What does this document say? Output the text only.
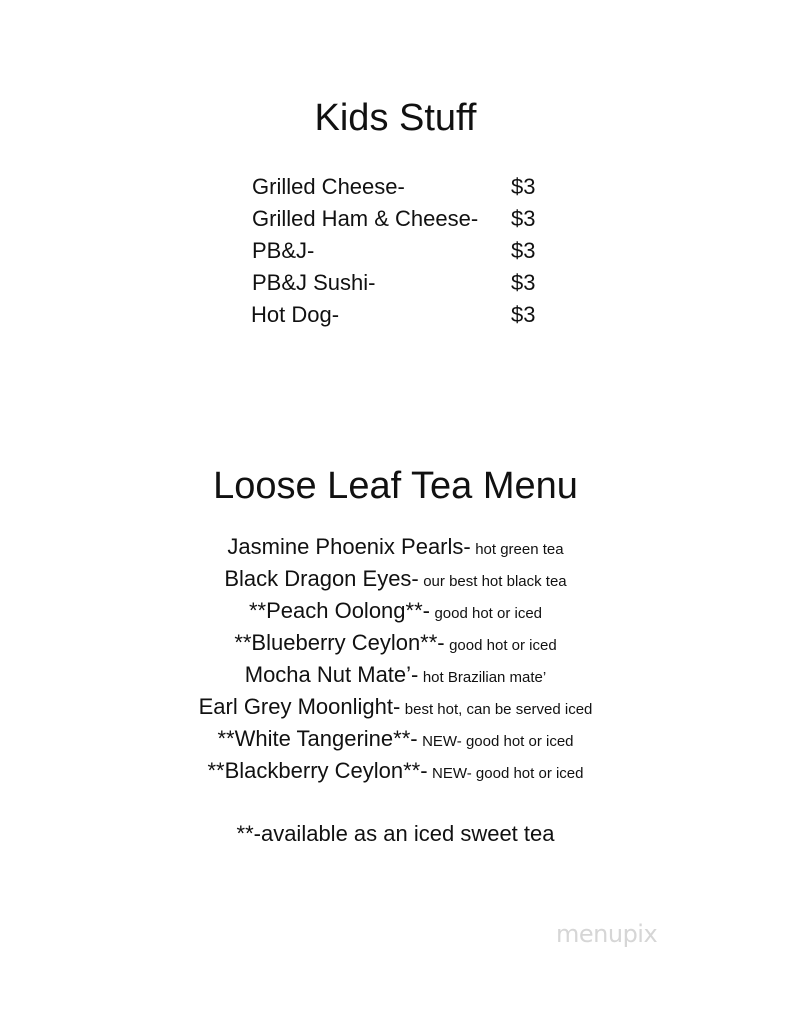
Kids Stuff
Grilled Cheese-	$3
Grilled Ham & Cheese- $3
PB&J-	$3
PB&J Sushi-	$3
Hot Dog-	$3
Loose Leaf Tea Menu
Jasmine Phoenix Pearls- hot green tea
Black Dragon Eyes- our best hot black tea
**Peach Oolong**- good hot or iced
**Blueberry Ceylon**- good hot or iced
Mocha Nut Mate’- hot Brazilian mate’
Earl Grey Moonlight- best hot, can be served iced
**White Tangerine**- NEW- good hot or iced
**Blackberry Ceylon**- NEW- good hot or iced
**-available as an iced sweet tea
menupix
